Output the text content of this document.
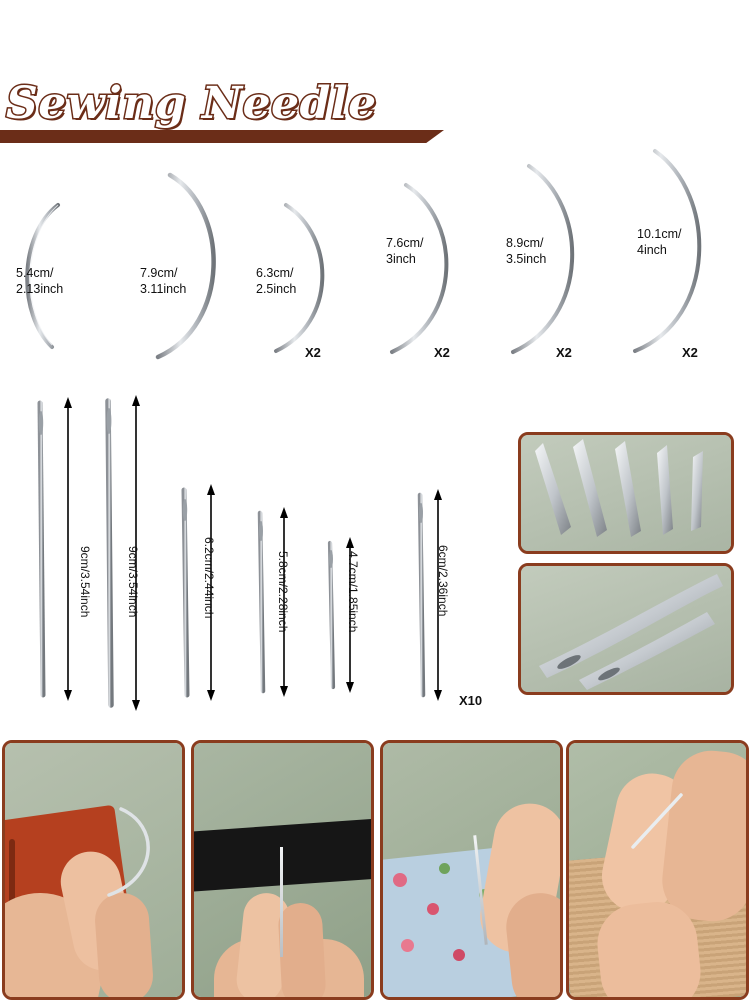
Sewing Needle
5.4cm/
2.13inch
7.9cm/
3.11inch
6.3cm/
2.5inch
X2
7.6cm/
3inch
X2
8.9cm/
3.5inch
X2
10.1cm/
4inch
X2
9cm/3.54inch	9cm/3.54inch	6.2cm/2.44inch	5.8cm/2.28inch	4.7cm/1.85inch	6cm/2.36inch
X10
